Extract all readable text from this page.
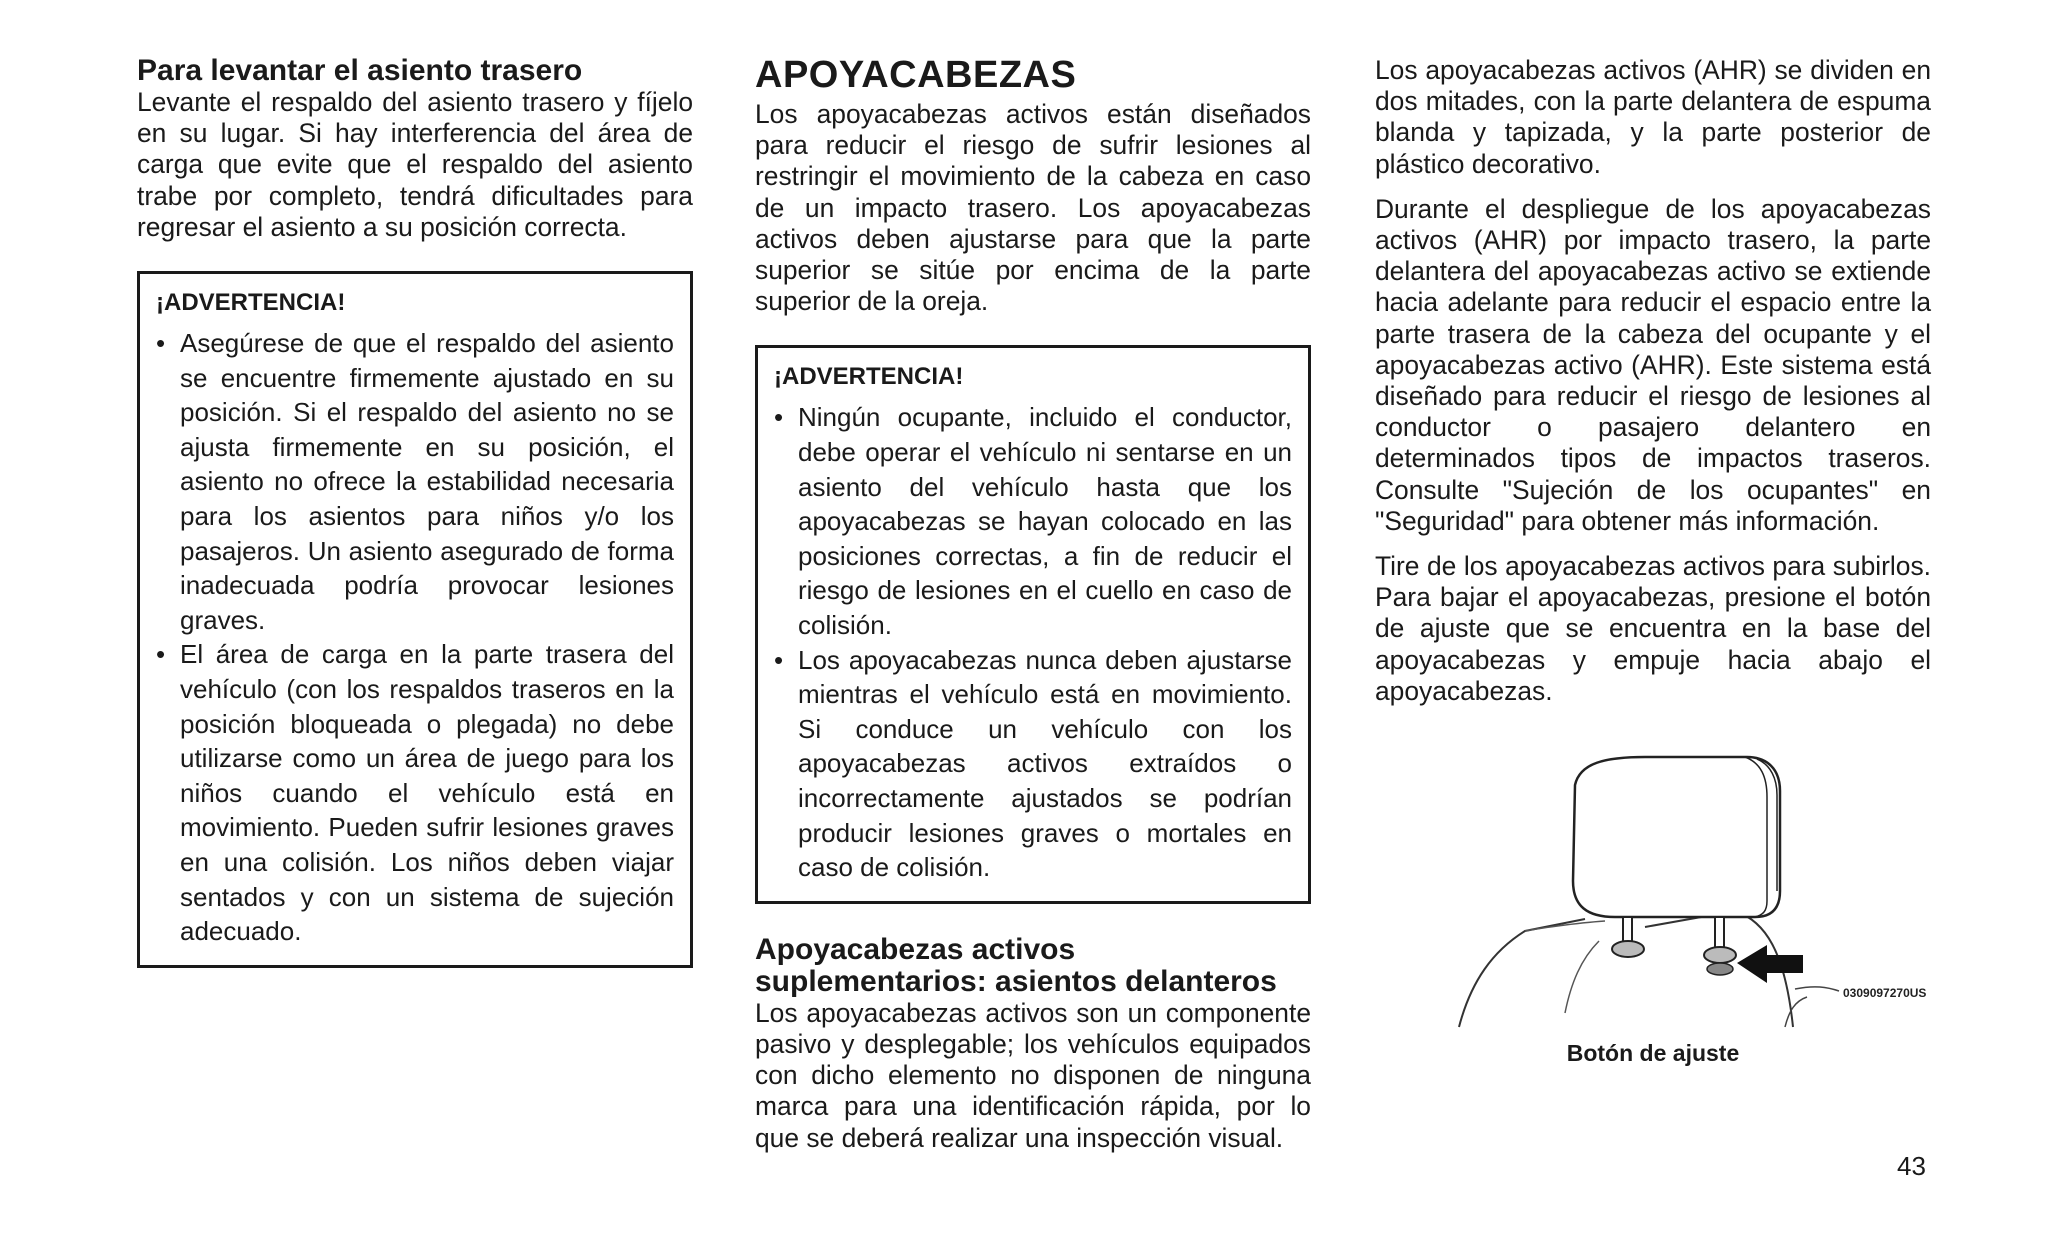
Para levantar el asiento trasero

Levante el respaldo del asiento trasero y fíjelo en su lugar. Si hay interferencia del área de carga que evite que el respaldo del asiento trabe por completo, tendrá dificultades para regresar el asiento a su posición correcta.

¡ADVERTENCIA!
• Asegúrese de que el respaldo del asiento se encuentre firmemente ajustado en su posición. Si el respaldo del asiento no se ajusta firmemente en su posición, el asiento no ofrece la estabilidad necesaria para los asientos para niños y/o los pasajeros. Un asiento asegurado de forma inadecuada podría provocar lesiones graves.
• El área de carga en la parte trasera del vehículo (con los respaldos traseros en la posición bloqueada o plegada) no debe utilizarse como un área de juego para los niños cuando el vehículo está en movimiento. Pueden sufrir lesiones graves en una colisión. Los niños deben viajar sentados y con un sistema de sujeción adecuado.
APOYACABEZAS

Los apoyacabezas activos están diseñados para reducir el riesgo de sufrir lesiones al restringir el movimiento de la cabeza en caso de un impacto trasero. Los apoyacabezas activos deben ajustarse para que la parte superior se sitúe por encima de la parte superior de la oreja.

¡ADVERTENCIA!
• Ningún ocupante, incluido el conductor, debe operar el vehículo ni sentarse en un asiento del vehículo hasta que los apoyacabezas se hayan colocado en las posiciones correctas, a fin de reducir el riesgo de lesiones en el cuello en caso de colisión.
• Los apoyacabezas nunca deben ajustarse mientras el vehículo está en movimiento. Si conduce un vehículo con los apoyacabezas activos extraídos o incorrectamente ajustados se podrían producir lesiones graves o mortales en caso de colisión.
Apoyacabezas activos suplementarios: asientos delanteros

Los apoyacabezas activos son un componente pasivo y desplegable; los vehículos equipados con dicho elemento no disponen de ninguna marca para una identificación rápida, por lo que se deberá realizar una inspección visual.

Los apoyacabezas activos (AHR) se dividen en dos mitades, con la parte delantera de espuma blanda y tapizada, y la parte posterior de plástico decorativo.

Durante el despliegue de los apoyacabezas activos (AHR) por impacto trasero, la parte delantera del apoyacabezas activo se extiende hacia adelante para reducir el espacio entre la parte trasera de la cabeza del ocupante y el apoyacabezas activo (AHR). Este sistema está diseñado para reducir el riesgo de lesiones al conductor o pasajero delantero en determinados tipos de impactos traseros. Consulte "Sujeción de los ocupantes" en "Seguridad" para obtener más información.

Tire de los apoyacabezas activos para subirlos. Para bajar el apoyacabezas, presione el botón de ajuste que se encuentra en la base del apoyacabezas y empuje hacia abajo el apoyacabezas.

0309097270US
Botón de ajuste
43
